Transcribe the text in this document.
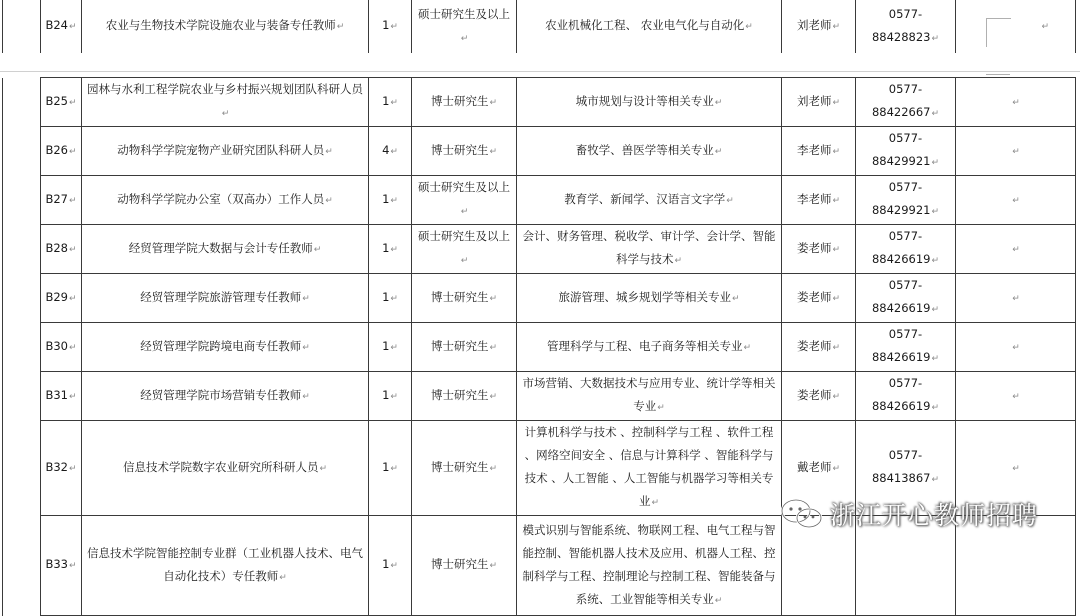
	B24↵	农业与生物技术学院设施农业与装备专任教师↵	1↵	硕士研究生及以上↵	农业机械化工程、 农业电气化与自动化↵	刘老师↵	0577-88428823↵	↵
	B25↵	园林与水利工程学院农业与乡村振兴规划团队科研人员↵	1↵	博士研究生↵	城市规划与设计等相关专业↵	刘老师↵	0577-88422667↵	↵
	B26↵	动物科学学院宠物产业研究团队科研人员↵	4↵	博士研究生↵	畜牧学、兽医学等相关专业↵	李老师↵	0577-88429921↵	↵
	B27↵	动物科学学院办公室（双高办）工作人员↵	1↵	硕士研究生及以上↵	教育学、新闻学、汉语言文字学↵	李老师↵	0577-88429921↵	↵
	B28↵	经贸管理学院大数据与会计专任教师↵	1↵	硕士研究生及以上↵	会计、财务管理、税收学、审计学、会计学、智能科学与技术↵	娄老师↵	0577-88426619↵	↵
	B29↵	经贸管理学院旅游管理专任教师↵	1↵	博士研究生↵	旅游管理、城乡规划学等相关专业↵	娄老师↵	0577-88426619↵	↵
	B30↵	经贸管理学院跨境电商专任教师↵	1↵	博士研究生↵	管理科学与工程、电子商务等相关专业↵	娄老师↵	0577-88426619↵	↵
	B31↵	经贸管理学院市场营销专任教师↵	1↵	博士研究生↵	市场营销、大数据技术与应用专业、统计学等相关专业↵	娄老师↵	0577-88426619↵	↵
	B32↵	信息技术学院数字农业研究所科研人员↵	1↵	博士研究生↵	计算机科学与技术 、控制科学与工程 、软件工程 、网络空间安全 、信息与计算科学 、智能科学与技术 、人工智能 、人工智能与机器学习等相关专业↵	戴老师↵	0577-88413867↵	↵
	B33↵	信息技术学院智能控制专业群（工业机器人技术、电气自动化技术）专任教师↵	1↵	博士研究生↵	模式识别与智能系统、物联网工程、电气工程与智能控制、智能机器人技术及应用、机器人工程、控制科学与工程、控制理论与控制工程、智能装备与系统、工业智能等相关专业↵			
浙江开心教师招聘
